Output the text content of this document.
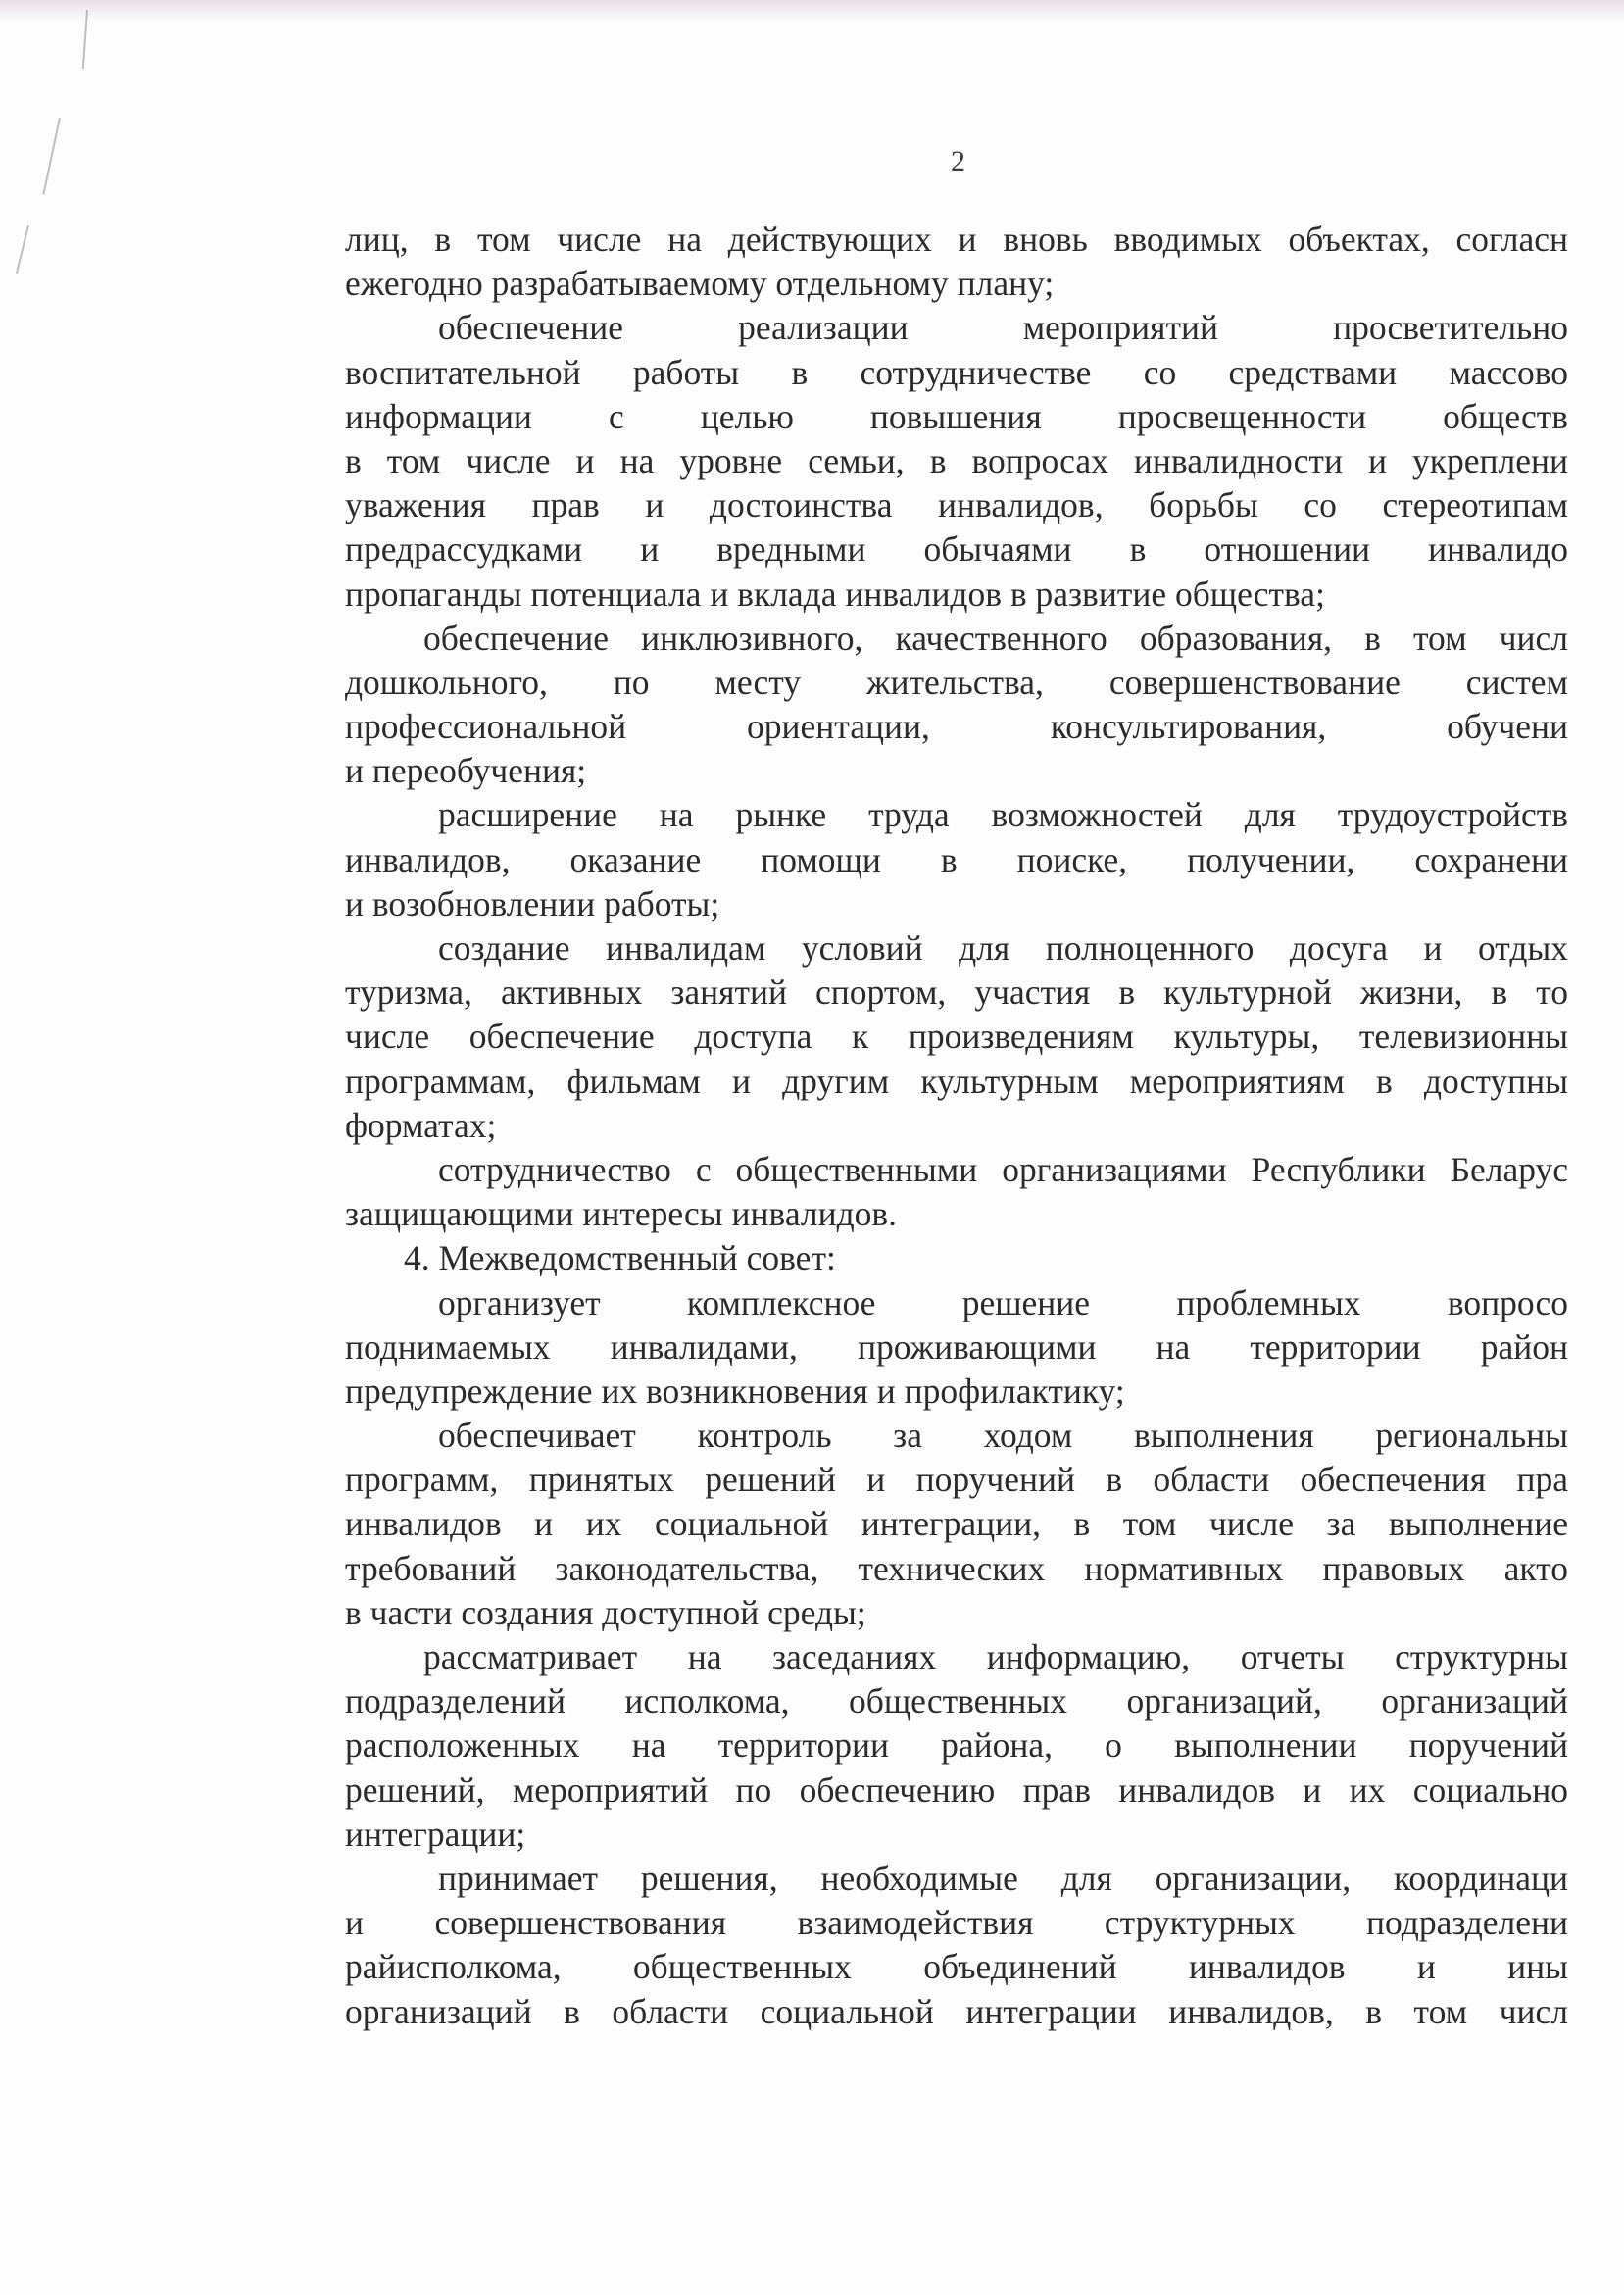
2
лиц, в том числе на действующих и вновь вводимых объектах, согласн
ежегодно разрабатываемому отдельному плану;
обеспечение реализации мероприятий просветительно
воспитательной работы в сотрудничестве со средствами массово
информации с целью повышения просвещенности обществ
в том числе и на уровне семьи, в вопросах инвалидности и укреплени
уважения прав и достоинства инвалидов, борьбы со стереотипам
предрассудками и вредными обычаями в отношении инвалидо
пропаганды потенциала и вклада инвалидов в развитие общества;
обеспечение инклюзивного, качественного образования, в том числ
дошкольного, по месту жительства, совершенствование систем
профессиональной ориентации, консультирования, обучени
и переобучения;
расширение на рынке труда возможностей для трудоустройств
инвалидов, оказание помощи в поиске, получении, сохранени
и возобновлении работы;
создание инвалидам условий для полноценного досуга и отдых
туризма, активных занятий спортом, участия в культурной жизни, в то
числе обеспечение доступа к произведениям культуры, телевизионны
программам, фильмам и другим культурным мероприятиям в доступны
форматах;
сотрудничество с общественными организациями Республики Беларус
защищающими интересы инвалидов.
4. Межведомственный совет:
организует комплексное решение проблемных вопросо
поднимаемых инвалидами, проживающими на территории район
предупреждение их возникновения и профилактику;
обеспечивает контроль за ходом выполнения региональны
программ, принятых решений и поручений в области обеспечения пра
инвалидов и их социальной интеграции, в том числе за выполнение
требований законодательства, технических нормативных правовых акто
в части создания доступной среды;
рассматривает на заседаниях информацию, отчеты структурны
подразделений исполкома, общественных организаций, организаций
расположенных на территории района, о выполнении поручений
решений, мероприятий по обеспечению прав инвалидов и их социально
интеграции;
принимает решения, необходимые для организации, координаци
и совершенствования взаимодействия структурных подразделени
райисполкома, общественных объединений инвалидов и ины
организаций в области социальной интеграции инвалидов, в том числ
